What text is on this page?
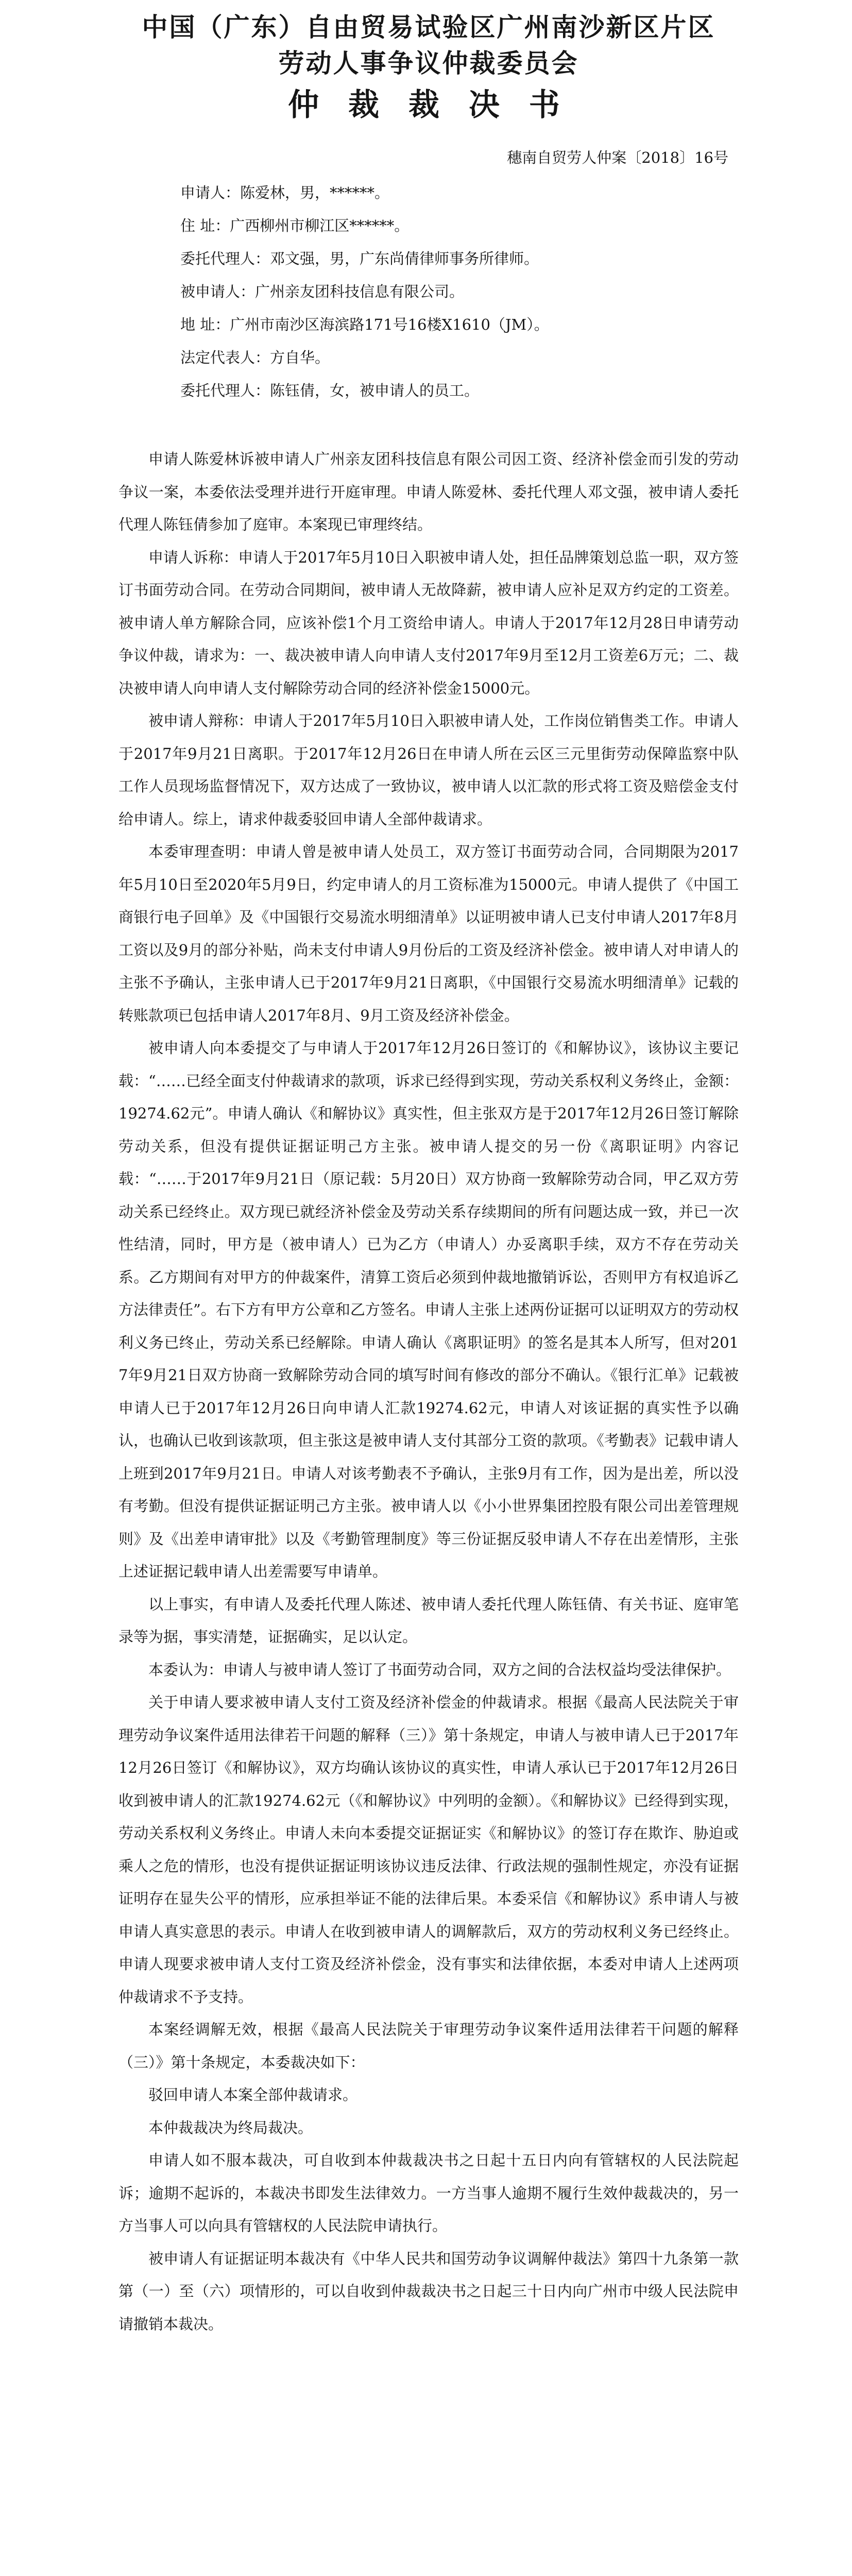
中国（广东）自由贸易试验区广州南沙新区片区
劳动人事争议仲裁委员会
仲 裁 裁 决 书
穗南自贸劳人仲案〔2018〕16号
申请人：陈爱林，男，******。
住 址：广西柳州市柳江区******。
委托代理人：邓文强，男，广东尚倩律师事务所律师。
被申请人：广州亲友团科技信息有限公司。
地 址：广州市南沙区海滨路171号16楼X1610（JM）。
法定代表人：方自华。
委托代理人：陈钰倩，女，被申请人的员工。

申请人陈爱林诉被申请人广州亲友团科技信息有限公司因工资、经济补偿金而引发的劳动争议一案，本委依法受理并进行开庭审理。申请人陈爱林、委托代理人邓文强，被申请人委托代理人陈钰倩参加了庭审。本案现已审理终结。

申请人诉称：申请人于2017年5月10日入职被申请人处，担任品牌策划总监一职，双方签订书面劳动合同。在劳动合同期间，被申请人无故降薪，被申请人应补足双方约定的工资差。被申请人单方解除合同，应该补偿1个月工资给申请人。申请人于2017年12月28日申请劳动争议仲裁，请求为：一、裁决被申请人向申请人支付2017年9月至12月工资差6万元；二、裁决被申请人向申请人支付解除劳动合同的经济补偿金15000元。

被申请人辩称：申请人于2017年5月10日入职被申请人处，工作岗位销售类工作。申请人于2017年9月21日离职。于2017年12月26日在申请人所在云区三元里街劳动保障监察中队工作人员现场监督情况下，双方达成了一致协议，被申请人以汇款的形式将工资及赔偿金支付给申请人。综上，请求仲裁委驳回申请人全部仲裁请求。

本委审理查明：申请人曾是被申请人处员工，双方签订书面劳动合同，合同期限为2017年5月10日至2020年5月9日，约定申请人的月工资标准为15000元。申请人提供了《中国工商银行电子回单》及《中国银行交易流水明细清单》以证明被申请人已支付申请人2017年8月工资以及9月的部分补贴，尚未支付申请人9月份后的工资及经济补偿金。被申请人对申请人的主张不予确认，主张申请人已于2017年9月21日离职，《中国银行交易流水明细清单》记载的转账款项已包括申请人2017年8月、9月工资及经济补偿金。

被申请人向本委提交了与申请人于2017年12月26日签订的《和解协议》，该协议主要记载：“……已经全面支付仲裁请求的款项，诉求已经得到实现，劳动关系权利义务终止，金额：19274.62元”。申请人确认《和解协议》真实性，但主张双方是于2017年12月26日签订解除劳动关系，但没有提供证据证明己方主张。被申请人提交的另一份《离职证明》内容记载：“……于2017年9月21日（原记载：5月20日）双方协商一致解除劳动合同，甲乙双方劳动关系已经终止。双方现已就经济补偿金及劳动关系存续期间的所有问题达成一致，并已一次性结清，同时，甲方是（被申请人）已为乙方（申请人）办妥离职手续，双方不存在劳动关系。乙方期间有对甲方的仲裁案件，清算工资后必须到仲裁地撤销诉讼，否则甲方有权追诉乙方法律责任”。右下方有甲方公章和乙方签名。申请人主张上述两份证据可以证明双方的劳动权利义务已终止，劳动关系已经解除。申请人确认《离职证明》的签名是其本人所写，但对2017年9月21日双方协商一致解除劳动合同的填写时间有修改的部分不确认。《银行汇单》记载被申请人已于2017年12月26日向申请人汇款19274.62元，申请人对该证据的真实性予以确认，也确认已收到该款项，但主张这是被申请人支付其部分工资的款项。《考勤表》记载申请人上班到2017年9月21日。申请人对该考勤表不予确认，主张9月有工作，因为是出差，所以没有考勤。但没有提供证据证明己方主张。被申请人以《小小世界集团控股有限公司出差管理规则》及《出差申请审批》以及《考勤管理制度》等三份证据反驳申请人不存在出差情形，主张上述证据记载申请人出差需要写申请单。

以上事实，有申请人及委托代理人陈述、被申请人委托代理人陈钰倩、有关书证、庭审笔录等为据，事实清楚，证据确实，足以认定。

本委认为：申请人与被申请人签订了书面劳动合同，双方之间的合法权益均受法律保护。

关于申请人要求被申请人支付工资及经济补偿金的仲裁请求。根据《最高人民法院关于审理劳动争议案件适用法律若干问题的解释（三）》第十条规定，申请人与被申请人已于2017年12月26日签订《和解协议》，双方均确认该协议的真实性，申请人承认已于2017年12月26日收到被申请人的汇款19274.62元（《和解协议》中列明的金额）。《和解协议》已经得到实现，劳动关系权利义务终止。申请人未向本委提交证据证实《和解协议》的签订存在欺诈、胁迫或乘人之危的情形，也没有提供证据证明该协议违反法律、行政法规的强制性规定，亦没有证据证明存在显失公平的情形，应承担举证不能的法律后果。本委采信《和解协议》系申请人与被申请人真实意思的表示。申请人在收到被申请人的调解款后，双方的劳动权利义务已经终止。申请人现要求被申请人支付工资及经济补偿金，没有事实和法律依据，本委对申请人上述两项仲裁请求不予支持。

本案经调解无效，根据《最高人民法院关于审理劳动争议案件适用法律若干问题的解释（三）》第十条规定，本委裁决如下：

驳回申请人本案全部仲裁请求。

本仲裁裁决为终局裁决。

申请人如不服本裁决，可自收到本仲裁裁决书之日起十五日内向有管辖权的人民法院起诉；逾期不起诉的，本裁决书即发生法律效力。一方当事人逾期不履行生效仲裁裁决的，另一方当事人可以向具有管辖权的人民法院申请执行。

被申请人有证据证明本裁决有《中华人民共和国劳动争议调解仲裁法》第四十九条第一款第（一）至（六）项情形的，可以自收到仲裁裁决书之日起三十日内向广州市中级人民法院申请撤销本裁决。
